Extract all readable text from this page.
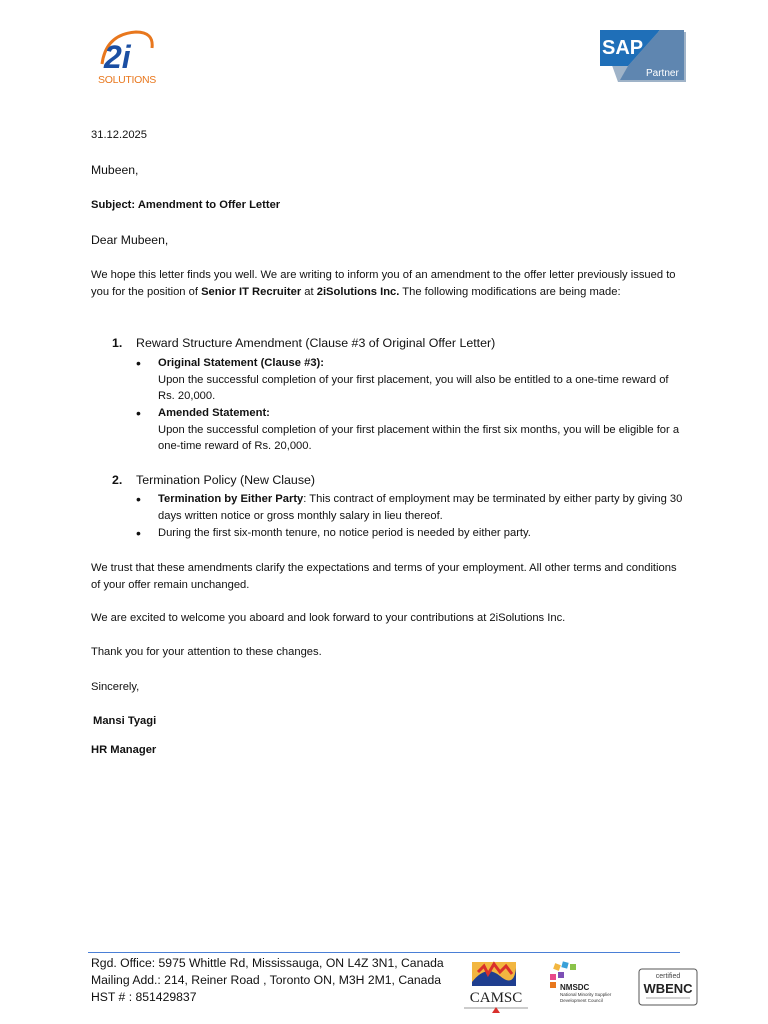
2i
SOLUTIONS
SAP
Partner
31.12.2025
Mubeen,
Subject: Amendment to Offer Letter
Dear Mubeen,
We hope this letter finds you well. We are writing to inform you of an amendment to the offer letter previously issued to you for the position of Senior IT Recruiter at 2iSolutions Inc. The following modifications are being made:
1. Reward Structure Amendment (Clause #3 of Original Offer Letter)
• Original Statement (Clause #3):
Upon the successful completion of your first placement, you will also be entitled to a one-time reward of Rs. 20,000.
• Amended Statement:
Upon the successful completion of your first placement within the first six months, you will be eligible for a one-time reward of Rs. 20,000.
2. Termination Policy (New Clause)
• Termination by Either Party: This contract of employment may be terminated by either party by giving 30 days written notice or gross monthly salary in lieu thereof.
• During the first six-month tenure, no notice period is needed by either party.
We trust that these amendments clarify the expectations and terms of your employment. All other terms and conditions of your offer remain unchanged.
We are excited to welcome you aboard and look forward to your contributions at 2iSolutions Inc.
Thank you for your attention to these changes.
Sincerely,
Mansi Tyagi
HR Manager
Rgd. Office: 5975 Whittle Rd, Mississauga, ON L4Z 3N1, Canada
Mailing Add.: 214, Reiner Road , Toronto ON, M3H 2M1, Canada
HST # : 851429837	CAMSC
NMSDC
National Minority Supplier Development Council
certified
WBENC
